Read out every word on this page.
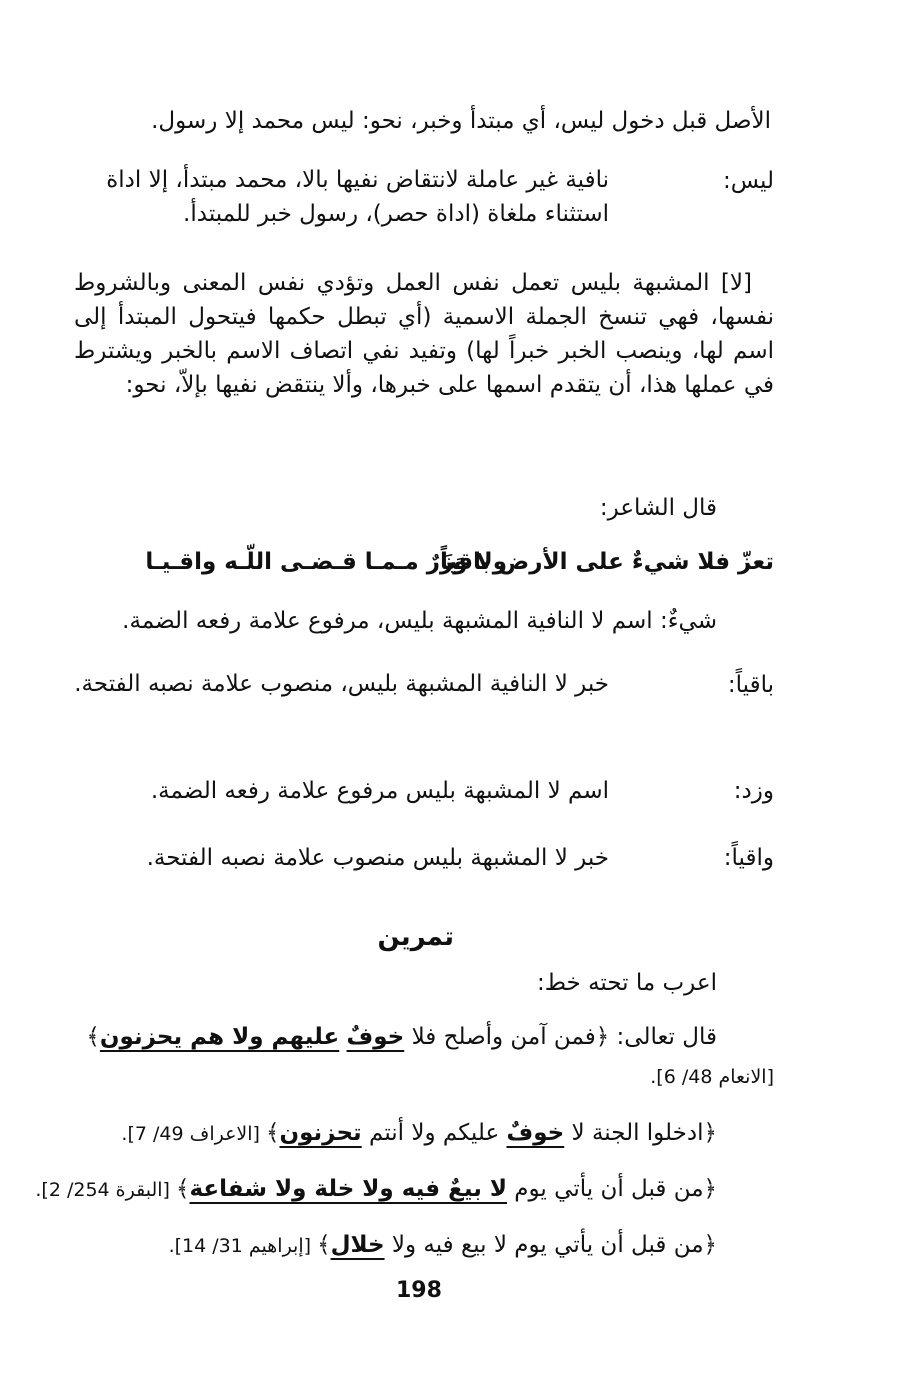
الأصل قبل دخول ليس، أي مبتدأ وخبر، نحو: ليس محمد إلا رسول.
ليس:
نافية غير عاملة لانتقاض نفيها بالا، محمد مبتدأ، إلا اداة استثناء ملغاة (اداة حصر)، رسول خبر للمبتدأ.
[لا] المشبهة بليس تعمل نفس العمل وتؤدي نفس المعنى وبالشروط نفسها، فهي تنسخ الجملة الاسمية (أي تبطل حكمها فيتحول المبتدأ إلى اسم لها، وينصب الخبر خبراً لها) وتفيد نفي اتصاف الاسم بالخبر ويشترط في عملها هذا، أن يتقدم اسمها على خبرها، وألا ينتقض نفيها بإلاّ، نحو:
قال الشاعر:
تعزّ فلا شيءٌ على الأرض باقياً
ولا وَزَرٌ مـمـا قـضـى اللّـه واقـيـا
شيءٌ: اسم لا النافية المشبهة بليس، مرفوع علامة رفعه الضمة.
باقياً:
خبر لا النافية المشبهة بليس، منصوب علامة نصبه الفتحة.
وزد:
اسم لا المشبهة بليس مرفوع علامة رفعه الضمة.
واقياً:
خبر لا المشبهة بليس منصوب علامة نصبه الفتحة.
تمرين
اعرب ما تحته خط:
قال تعالى: ﴿فمن آمن وأصلح فلا خوفٌ عليهم ولا هم يحزنون﴾
[الانعام 48/ 6].
﴿ادخلوا الجنة لا خوفٌ عليكم ولا أنتم تحزنون﴾ [الاعراف 49/ 7].
﴿من قبل أن يأتي يوم لا بيعٌ فيه ولا خلة ولا شفاعة﴾ [البقرة 254/ 2].
﴿من قبل أن يأتي يوم لا بيع فيه ولا خلال﴾ [إبراهيم 31/ 14].
198
